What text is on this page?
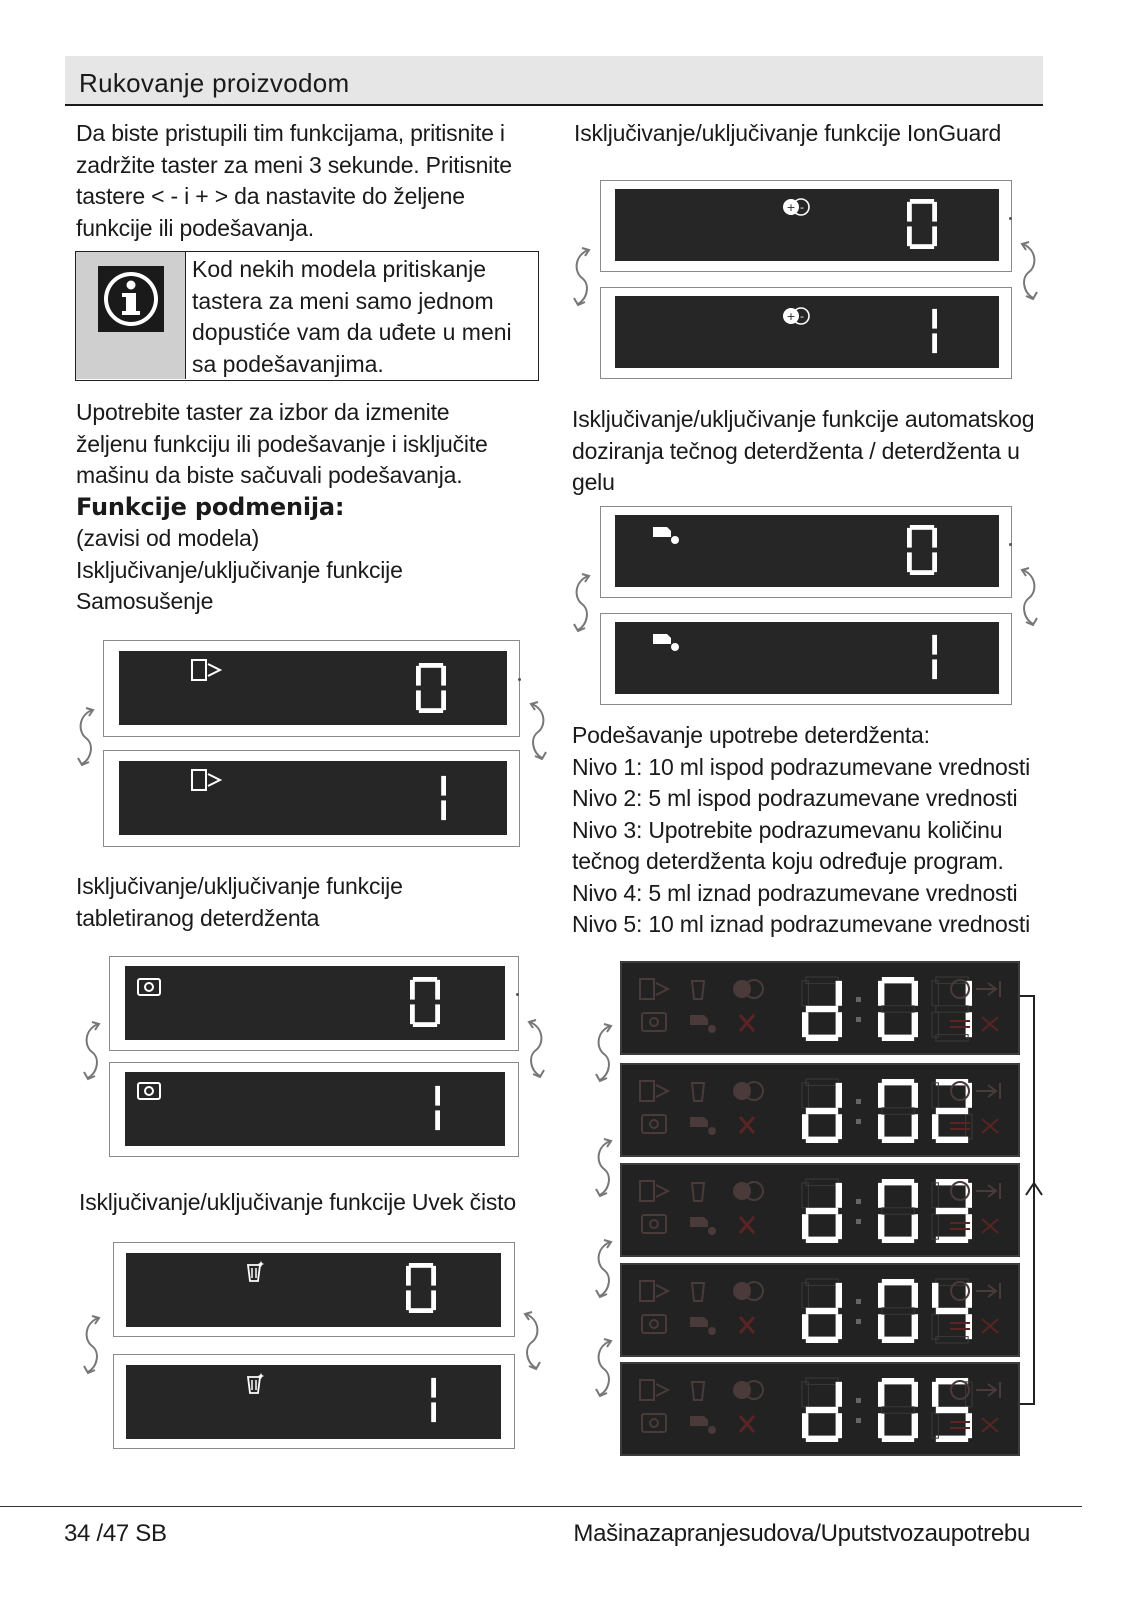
Rukovanje proizvodom
Da biste pristupili tim funkcijama, pritisnite i
zadržite taster za meni 3 sekunde. Pritisnite
tastere < - i + > da nastavite do željene
funkcije ili podešavanja.
Kod nekih modela pritiskanje
tastera za meni samo jednom
dopustiće vam da uđete u meni
sa podešavanjima.
Upotrebite taster za izbor da izmenite
željenu funkciju ili podešavanje i isključite
mašinu da biste sačuvali podešavanja.
Funkcije podmenija:
(zavisi od modela)
Isključivanje/uključivanje funkcije
Samosušenje
Isključivanje/uključivanje funkcije
tabletiranog deterdženta
Isključivanje/uključivanje funkcije Uvek čisto
Isključivanje/uključivanje funkcije IonGuard
+ -
+ -
Isključivanje/uključivanje funkcije automatskog
doziranja tečnog deterdženta / deterdženta u
gelu
Podešavanje upotrebe deterdženta:
Nivo 1: 10 ml ispod podrazumevane vrednosti
Nivo 2: 5 ml ispod podrazumevane vrednosti
Nivo 3: Upotrebite podrazumevanu količinu
tečnog deterdženta koju određuje program.
Nivo 4: 5 ml iznad podrazumevane vrednosti
Nivo 5: 10 ml iznad podrazumevane vrednosti
34 /47 SB	Mašinazapranjesudova/Uputstvozaupotrebu
